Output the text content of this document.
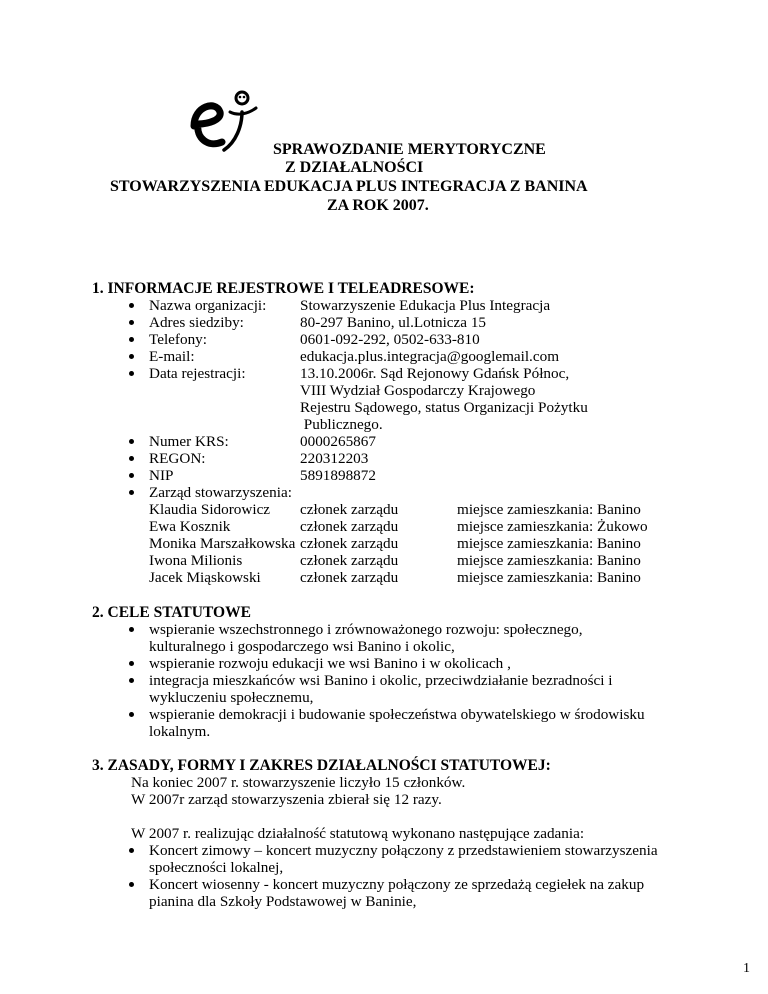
SPRAWOZDANIE MERYTORYCZNE
Z DZIAŁALNOŚCI
STOWARZYSZENIA EDUKACJA PLUS INTEGRACJA Z BANINA
ZA ROK 2007.
1. INFORMACJE REJESTROWE I TELEADRESOWE:
Nazwa organizacji: Stowarzyszenie Edukacja Plus Integracja
Adres siedziby:	80-297 Banino, ul.Lotnicza 15
Telefony:	0601-092-292, 0502-633-810
E-mail:	edukacja.plus.integracja@googlemail.com
Data rejestracji:	13.10.2006r. Sąd Rejonowy Gdańsk Północ,
VIII Wydział Gospodarczy Krajowego
Rejestru Sądowego, status Organizacji Pożytku
Publicznego.
Numer KRS:	0000265867
REGON:	220312203
NIP	5891898872
Zarząd stowarzyszenia:
Klaudia Sidorowicz członek zarządu	miejsce zamieszkania: Banino
Ewa Kosznik	członek zarządu	miejsce zamieszkania: Żukowo
Monika Marszałkowska członek zarządu	miejsce zamieszkania: Banino
Iwona Milionis	członek zarządu	miejsce zamieszkania: Banino
Jacek Miąskowski	członek zarządu	miejsce zamieszkania: Banino
2. CELE STATUTOWE
wspieranie wszechstronnego i zrównoważonego rozwoju: społecznego,
kulturalnego i gospodarczego wsi Banino i okolic,
wspieranie rozwoju edukacji we wsi Banino i w okolicach ,
integracja mieszkańców wsi Banino i okolic, przeciwdziałanie bezradności i
wykluczeniu społecznemu,
wspieranie demokracji i budowanie społeczeństwa obywatelskiego w środowisku
lokalnym.
3. ZASADY, FORMY I ZAKRES DZIAŁALNOŚCI STATUTOWEJ:
Na koniec 2007 r. stowarzyszenie liczyło 15 członków.
W 2007r zarząd stowarzyszenia zbierał się 12 razy.
W 2007 r. realizując działalność statutową wykonano następujące zadania:
Koncert zimowy – koncert muzyczny połączony z przedstawieniem stowarzyszenia
społeczności lokalnej,
Koncert wiosenny - koncert muzyczny połączony ze sprzedażą cegiełek na zakup
pianina dla Szkoły Podstawowej w Baninie,
1
